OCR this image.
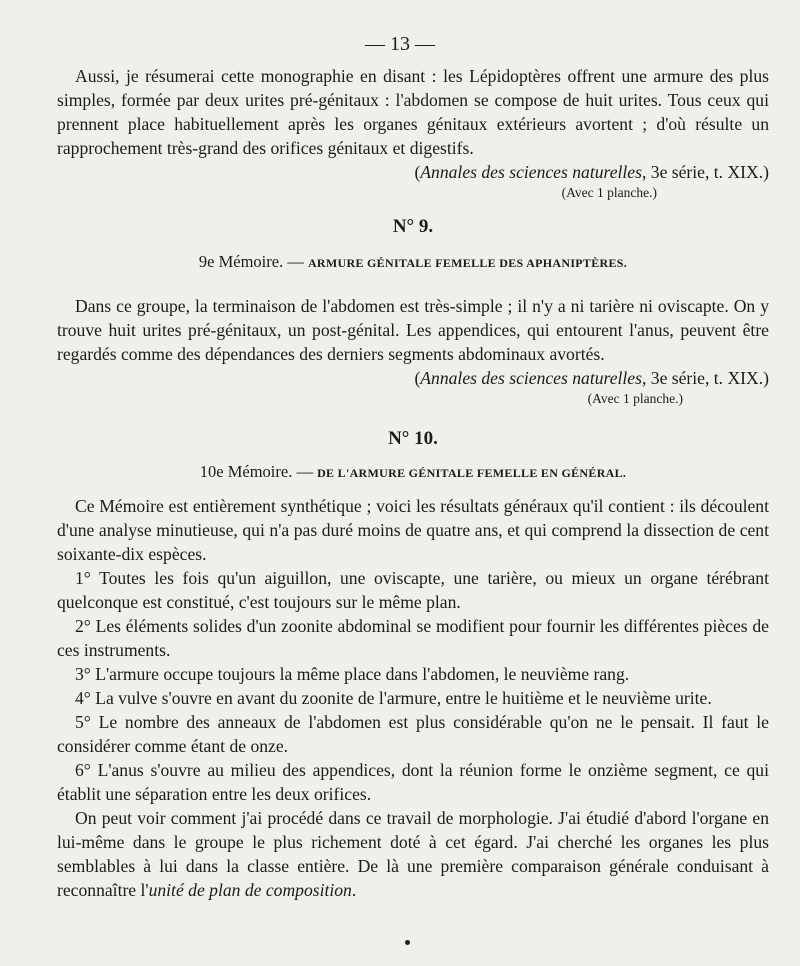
— 13 —

Aussi, je résumerai cette monographie en disant : les Lépidoptères offrent une armure des plus simples, formée par deux urites pré-génitaux : l'abdomen se compose de huit urites. Tous ceux qui prennent place habituellement après les organes génitaux extérieurs avortent ; d'où résulte un rapprochement très-grand des orifices génitaux et digestifs.

(Annales des sciences naturelles, 3e série, t. XIX.)

(Avec 1 planche.)

N° 9.

9e Mémoire. — ARMURE GÉNITALE FEMELLE DES APHANIPTÈRES.

Dans ce groupe, la terminaison de l'abdomen est très-simple ; il n'y a ni tarière ni oviscapte. On y trouve huit urites pré-génitaux, un post-génital. Les appendices, qui entourent l'anus, peuvent être regardés comme des dépendances des derniers segments abdominaux avortés.

(Annales des sciences naturelles, 3e série, t. XIX.)

(Avec 1 planche.)

N° 10.

10e Mémoire. — DE L'ARMURE GÉNITALE FEMELLE EN GÉNÉRAL.

Ce Mémoire est entièrement synthétique ; voici les résultats généraux qu'il contient : ils découlent d'une analyse minutieuse, qui n'a pas duré moins de quatre ans, et qui comprend la dissection de cent soixante-dix espèces.

1° Toutes les fois qu'un aiguillon, une oviscapte, une tarière, ou mieux un organe térébrant quelconque est constitué, c'est toujours sur le même plan.

2° Les éléments solides d'un zoonite abdominal se modifient pour fournir les différentes pièces de ces instruments.

3° L'armure occupe toujours la même place dans l'abdomen, le neuvième rang.

4° La vulve s'ouvre en avant du zoonite de l'armure, entre le huitième et le neuvième urite.

5° Le nombre des anneaux de l'abdomen est plus considérable qu'on ne le pensait. Il faut le considérer comme étant de onze.

6° L'anus s'ouvre au milieu des appendices, dont la réunion forme le onzième segment, ce qui établit une séparation entre les deux orifices.

On peut voir comment j'ai procédé dans ce travail de morphologie. J'ai étudié d'abord l'organe en lui-même dans le groupe le plus richement doté à cet égard. J'ai cherché les organes les plus semblables à lui dans la classe entière. De là une première comparaison générale conduisant à reconnaître l'unité de plan de composition.
